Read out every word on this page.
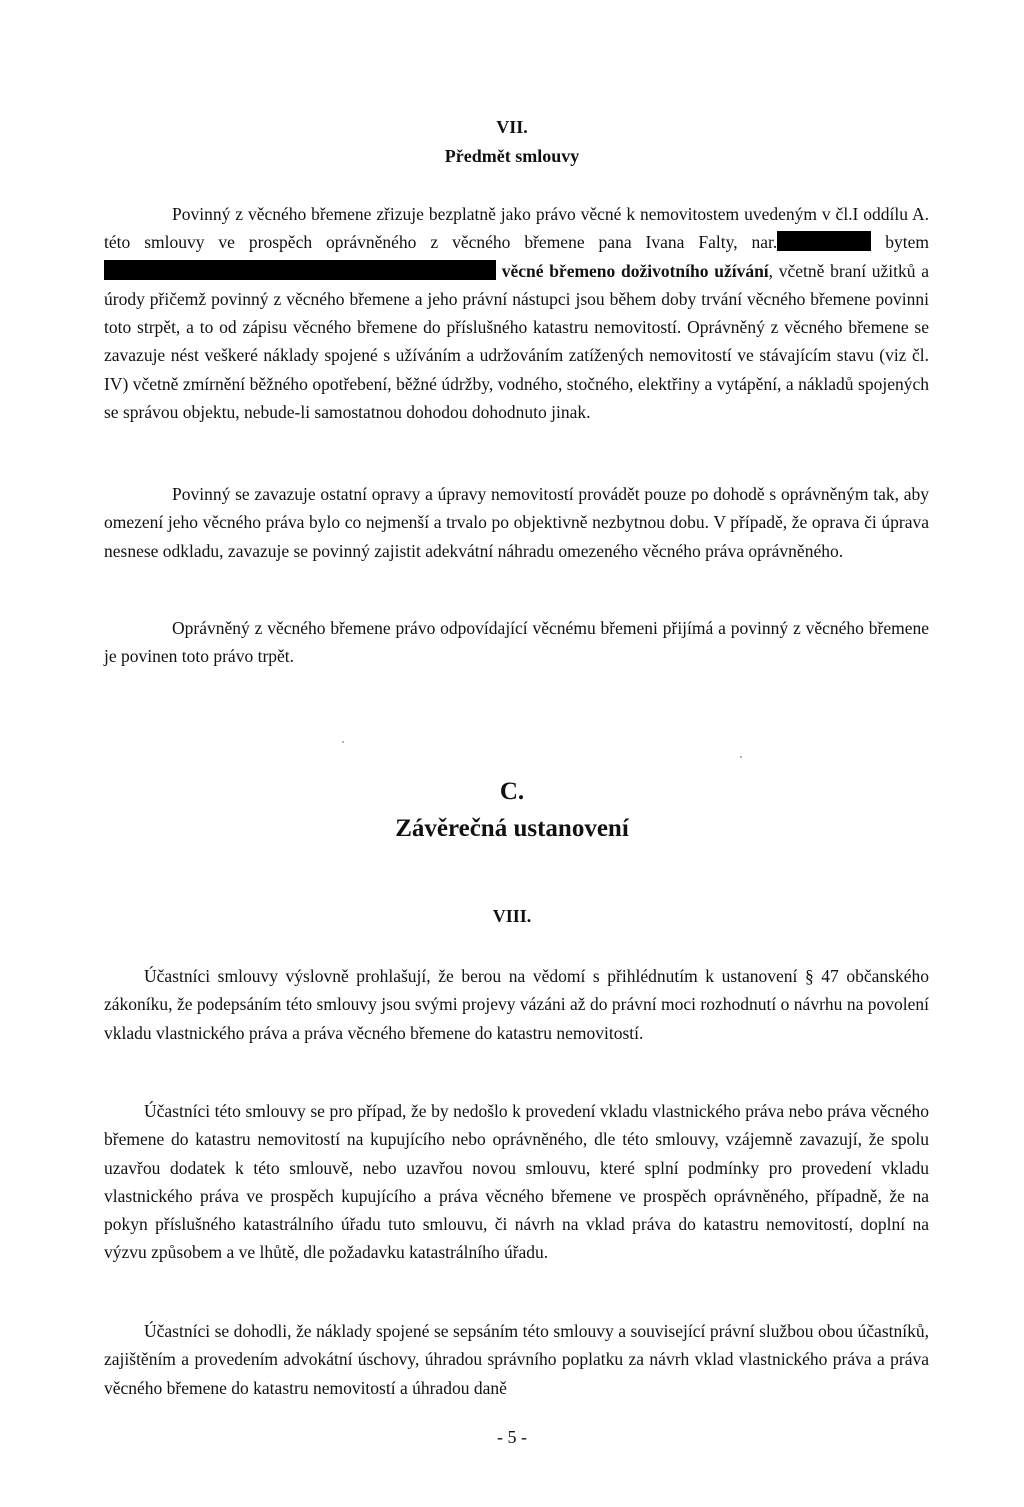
VII.
Předmět smlouvy

Povinný z věcného břemene zřizuje bezplatně jako právo věcné k nemovitostem uvedeným v čl.I oddílu A. této smlouvy ve prospěch oprávněného z věcného břemene pana Ivana Falty, nar.	bytem  věcné břemeno doživotního užívání, včetně braní užitků a úrody přičemž povinný z věcného břemene a jeho právní nástupci jsou během doby trvání věcného břemene povinni toto strpět, a to od zápisu věcného břemene do příslušného katastru nemovitostí. Oprávněný z věcného břemene se zavazuje nést veškeré náklady spojené s užíváním a udržováním zatížených nemovitostí ve stávajícím stavu (viz čl. IV) včetně zmírnění běžného opotřebení, běžné údržby, vodného, stočného, elektřiny a vytápění, a nákladů spojených se správou objektu, nebude-li samostatnou dohodou dohodnuto jinak.

Povinný se zavazuje ostatní opravy a úpravy nemovitostí provádět pouze po dohodě s oprávněným tak, aby omezení jeho věcného práva bylo co nejmenší a trvalo po objektivně nezbytnou dobu. V případě, že oprava či úprava nesnese odkladu, zavazuje se povinný zajistit adekvátní náhradu omezeného věcného práva oprávněného.

Oprávněný z věcného břemene právo odpovídající věcnému břemeni přijímá a povinný z věcného břemene je povinen toto právo trpět.

C.
Závěrečná ustanovení
VIII.

Účastníci smlouvy výslovně prohlašují, že berou na vědomí s přihlédnutím k ustanovení § 47 občanského zákoníku, že podepsáním této smlouvy jsou svými projevy vázáni až do právní moci rozhodnutí o návrhu na povolení vkladu vlastnického práva a práva věcného břemene do katastru nemovitostí.

Účastníci této smlouvy se pro případ, že by nedošlo k provedení vkladu vlastnického práva nebo práva věcného břemene do katastru nemovitostí na kupujícího nebo oprávněného, dle této smlouvy, vzájemně zavazují, že spolu uzavřou dodatek k této smlouvě, nebo uzavřou novou smlouvu, které splní podmínky pro provedení vkladu vlastnického práva ve prospěch kupujícího a práva věcného břemene ve prospěch oprávněného, případně, že na pokyn příslušného katastrálního úřadu tuto smlouvu, či návrh na vklad práva do katastru nemovitostí, doplní na výzvu způsobem a ve lhůtě, dle požadavku katastrálního úřadu.

Účastníci se dohodli, že náklady spojené se sepsáním této smlouvy a související právní službou obou účastníků, zajištěním a provedením advokátní úschovy, úhradou správního poplatku za návrh vklad vlastnického práva a práva věcného břemene do katastru nemovitostí a úhradou daně

- 5 -
